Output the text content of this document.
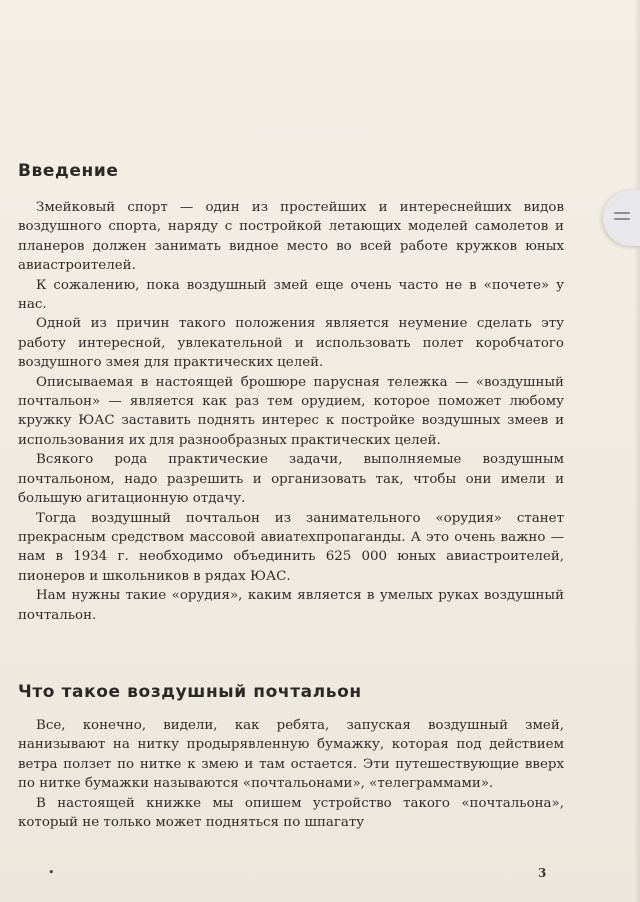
Введение

Змейковый спорт — один из простейших и интереснейших видов воздушного спорта, наряду с постройкой летающих моделей самолетов и планеров должен занимать видное место во всей работе кружков юных авиастроителей.

К сожалению, пока воздушный змей еще очень часто не в «почете» у нас.

Одной из причин такого положения является неумение сделать эту работу интересной, увлекательной и использовать полет коробчатого воздушного змея для практических целей.

Описываемая в настоящей брошюре парусная тележка — «воздушный почтальон» — является как раз тем орудием, которое поможет любому кружку ЮАС заставить поднять интерес к постройке воздушных змеев и использования их для разнообразных практических целей.

Всякого рода практические задачи, выполняемые воздушным почтальоном, надо разрешить и организовать так, чтобы они имели и большую агитационную отдачу.

Тогда воздушный почтальон из занимательного «орудия» станет прекрасным средством массовой авиатехпропаганды. А это очень важно — нам в 1934 г. необходимо объединить 625 000 юных авиастроителей, пионеров и школьников в рядах ЮАС.

Нам нужны такие «орудия», каким является в умелых руках воздушный почтальон.

Что такое воздушный почтальон

Все, конечно, видели, как ребята, запуская воздушный змей, нанизывают на нитку продырявленную бумажку, которая под действием ветра ползет по нитке к змею и там остается. Эти путешествующие вверх по нитке бумажки называются «почтальонами», «телеграммами».

В настоящей книжке мы опишем устройство такого «почтальона», который не только может подняться по шпагату

•	3
